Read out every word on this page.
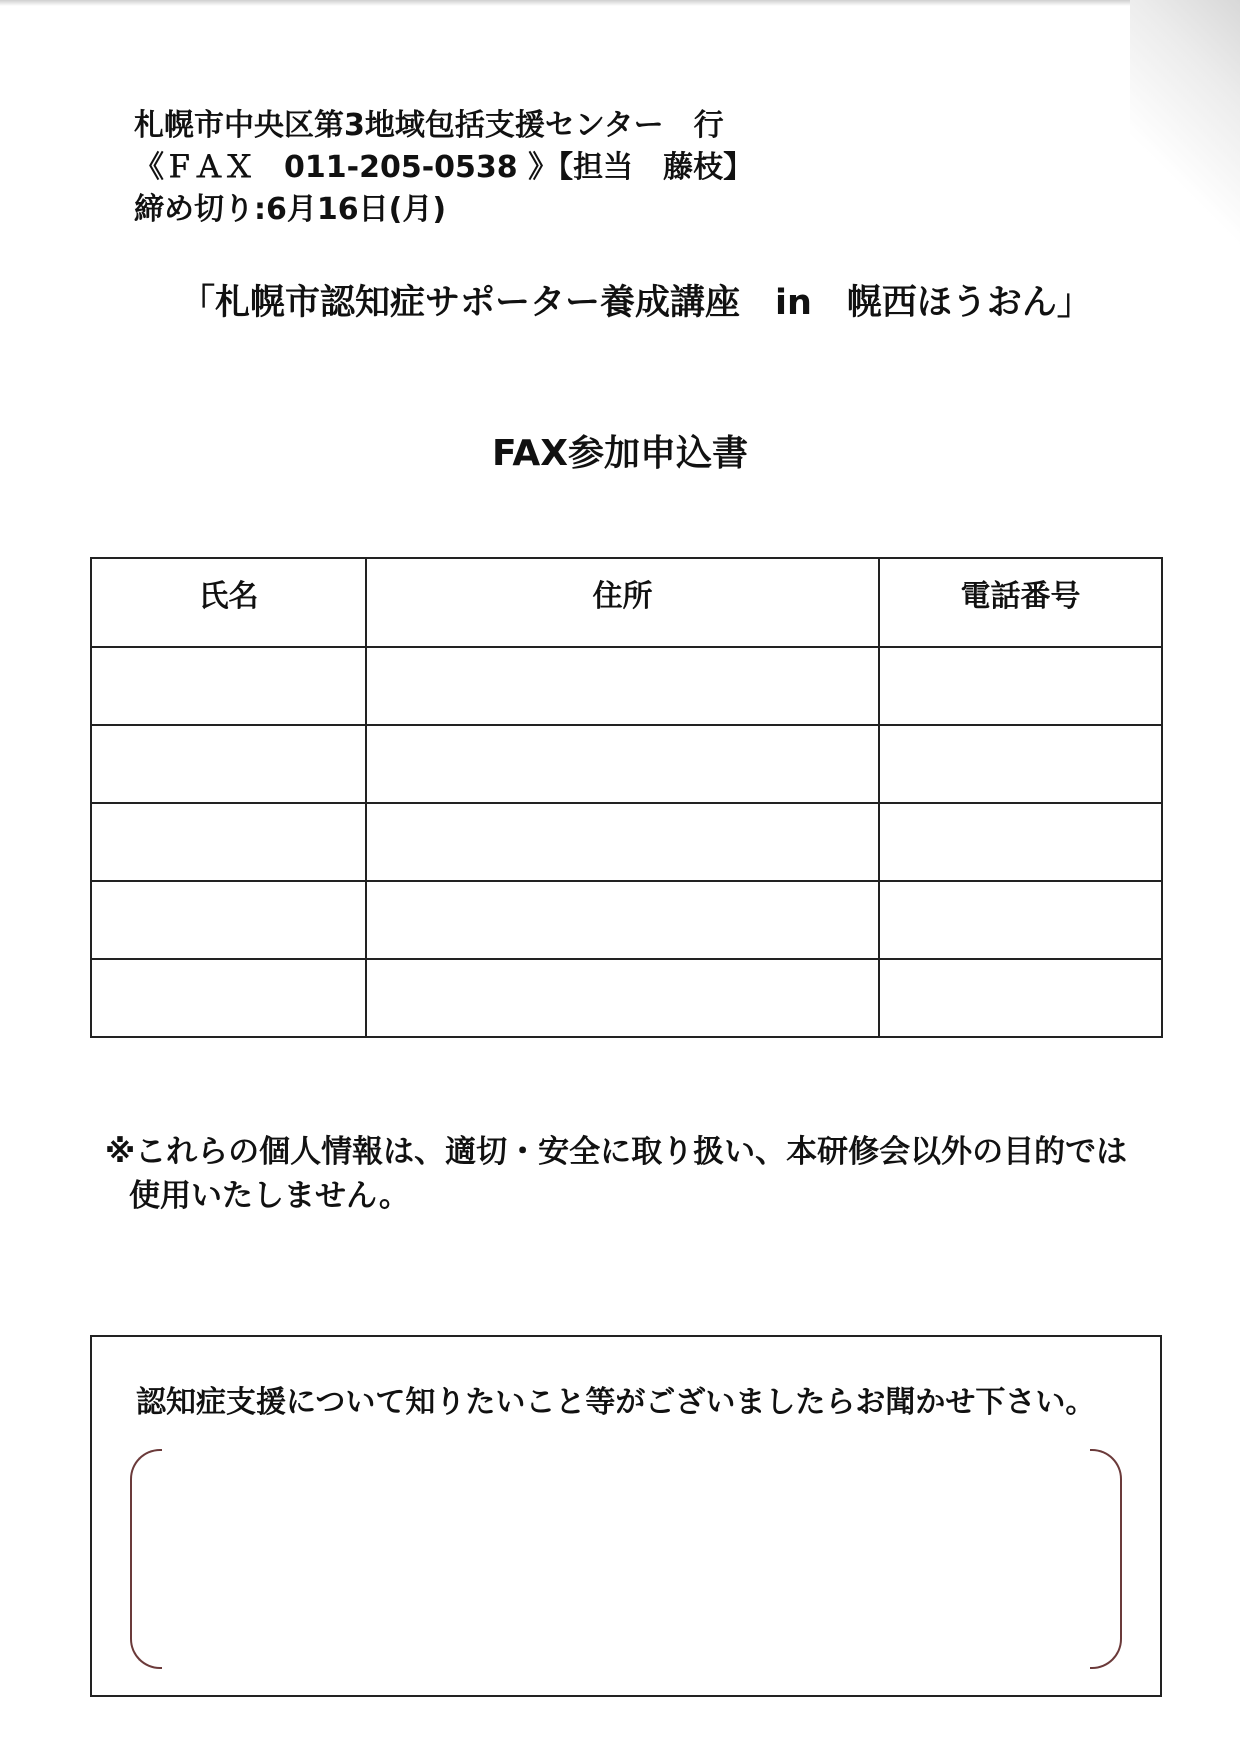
札幌市中央区第3地域包括支援センター　行
《ＦＡＸ　011-205-0538 》【担当　藤枝】
締め切り:6月16日(月)
「札幌市認知症サポーター養成講座　in　幌西ほうおん」
FAX参加申込書
氏名	住所	電話番号

※これらの個人情報は、適切・安全に取り扱い、本研修会以外の目的では
使用いたしません。
認知症支援について知りたいこと等がございましたらお聞かせ下さい。
